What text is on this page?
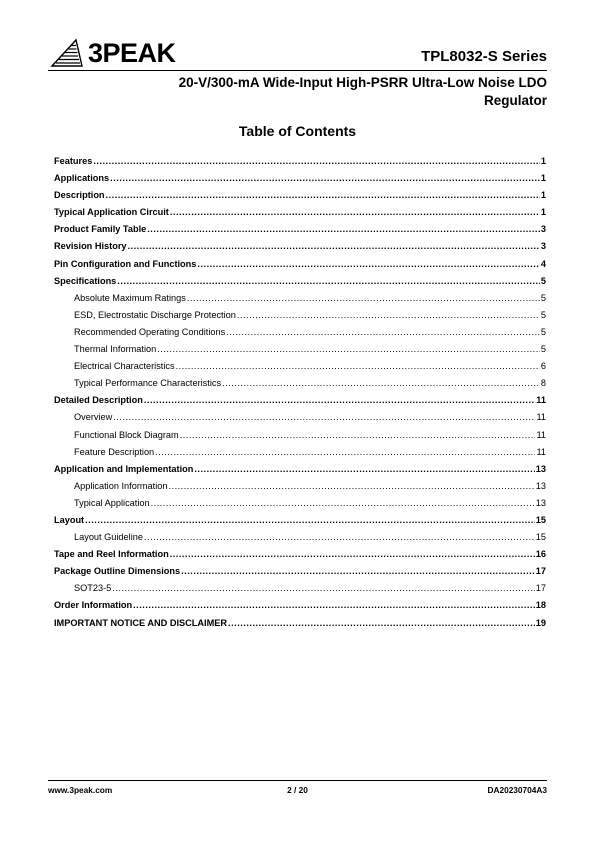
3PEAK	TPL8032-S Series
20-V/300-mA Wide-Input High-PSRR Ultra-Low Noise LDO Regulator
Table of Contents
Features .....	1
Applications .....	1
Description .....	1
Typical Application Circuit .....	1
Product Family Table .....	3
Revision History .....	3
Pin Configuration and Functions .....	4
Specifications .....	5
Absolute Maximum Ratings .....	5
ESD, Electrostatic Discharge Protection .....	5
Recommended Operating Conditions .....	5
Thermal Information .....	5
Electrical Characteristics .....	6
Typical Performance Characteristics .....	8
Detailed Description .....	11
Overview .....	11
Functional Block Diagram .....	11
Feature Description .....	11
Application and Implementation .....	13
Application Information .....	13
Typical Application .....	13
Layout .....	15
Layout Guideline .....	15
Tape and Reel Information .....	16
Package Outline Dimensions .....	17
SOT23-5 .....	17
Order Information .....	18
IMPORTANT NOTICE AND DISCLAIMER .....	19
www.3peak.com	2 / 20	DA20230704A3
